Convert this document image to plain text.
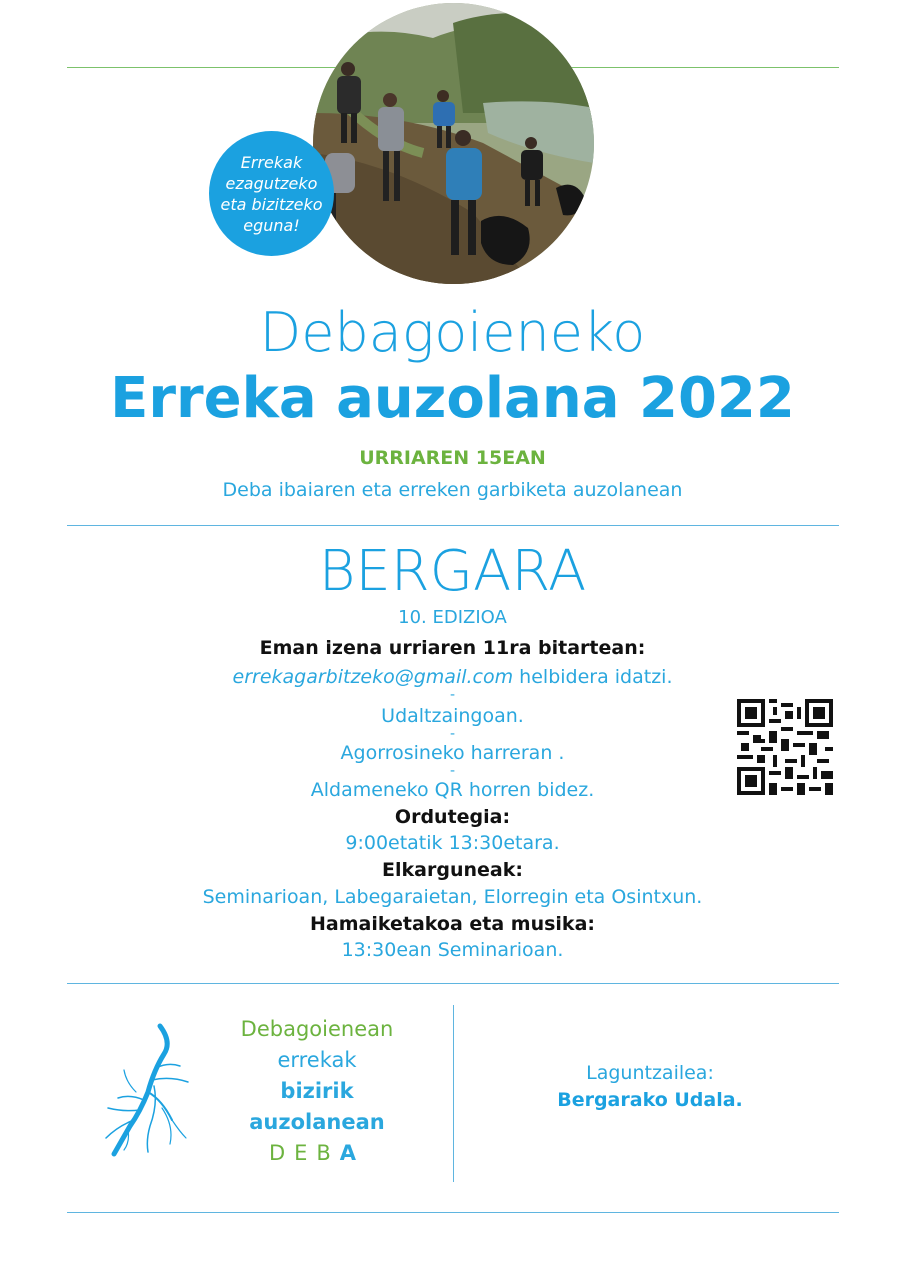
Errekak
ezagutzeko
eta bizitzeko
eguna!
Debagoieneko
Erreka auzolana 2022
URRIAREN 15EAN
Deba ibaiaren eta erreken garbiketa auzolanean
BERGARA
10. EDIZIOA
Eman izena urriaren 11ra bitartean:
errekagarbitzeko@gmail.com helbidera idatzi.
-
Udaltzaingoan.
-
Agorrosineko harreran .
-
Aldameneko QR horren bidez.
Ordutegia:
9:00etatik 13:30etara.
Elkarguneak:
Seminarioan, Labegaraietan, Elorregin eta Osintxun.
Hamaiketakoa eta musika:
13:30ean Seminarioan.
Debagoienean
errekak
bizirik
auzolanean
DEBA
Laguntzailea:
Bergarako Udala.
